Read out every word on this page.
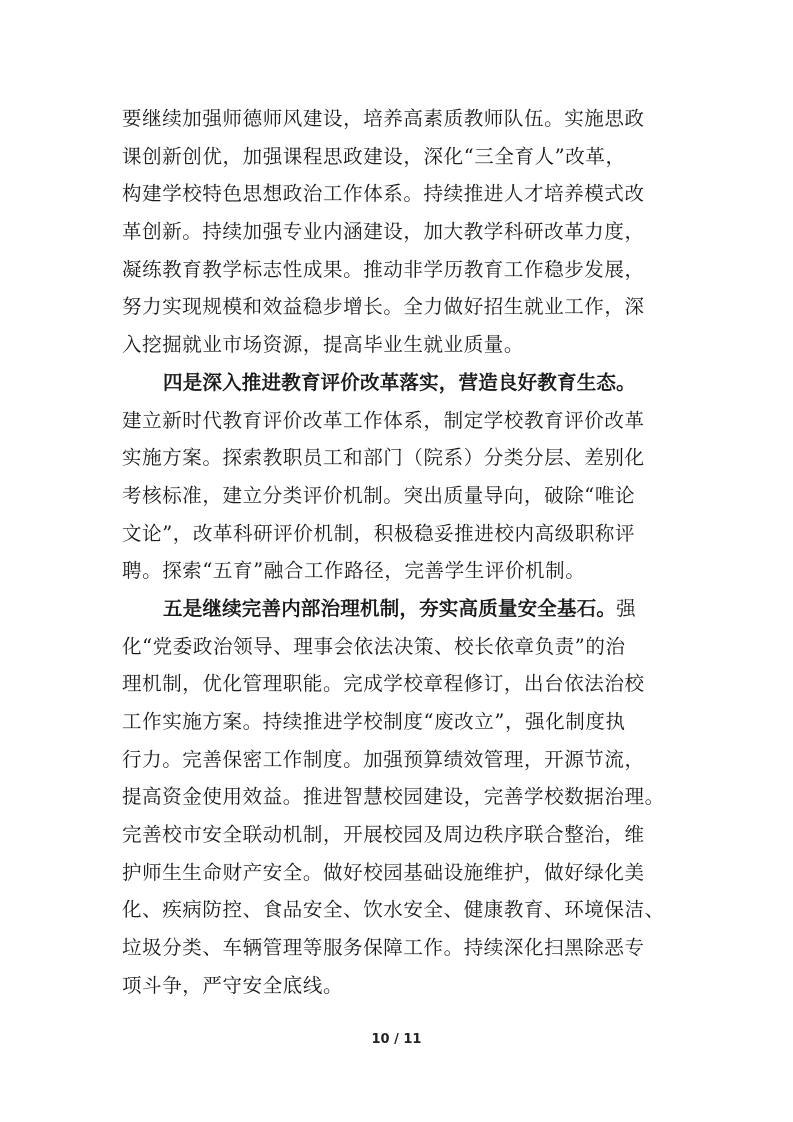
要继续加强师德师风建设，培养高素质教师队伍。实施思政
课创新创优，加强课程思政建设，深化“三全育人”改革，
构建学校特色思想政治工作体系。持续推进人才培养模式改
革创新。持续加强专业内涵建设，加大教学科研改革力度，
凝练教育教学标志性成果。推动非学历教育工作稳步发展，
努力实现规模和效益稳步增长。全力做好招生就业工作，深
入挖掘就业市场资源，提高毕业生就业质量。
四是深入推进教育评价改革落实，营造良好教育生态。
建立新时代教育评价改革工作体系，制定学校教育评价改革
实施方案。探索教职员工和部门（院系）分类分层、差别化
考核标准，建立分类评价机制。突出质量导向，破除“唯论
文论”，改革科研评价机制，积极稳妥推进校内高级职称评
聘。探索“五育”融合工作路径，完善学生评价机制。
五是继续完善内部治理机制，夯实高质量安全基石。强
化“党委政治领导、理事会依法决策、校长依章负责”的治
理机制，优化管理职能。完成学校章程修订，出台依法治校
工作实施方案。持续推进学校制度“废改立”，强化制度执
行力。完善保密工作制度。加强预算绩效管理，开源节流，
提高资金使用效益。推进智慧校园建设，完善学校数据治理。
完善校市安全联动机制，开展校园及周边秩序联合整治，维
护师生生命财产安全。做好校园基础设施维护，做好绿化美
化、疾病防控、食品安全、饮水安全、健康教育、环境保洁、
垃圾分类、车辆管理等服务保障工作。持续深化扫黑除恶专
项斗争，严守安全底线。
10 / 11
